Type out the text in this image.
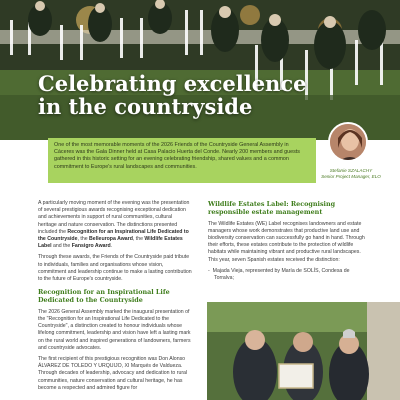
Celebrating excellence
in the countryside
One of the most memorable moments of the 2026 Friends of the Countryside General Assembly in Cáceres was the Gala Dinner held at Casa Palacio Huerta del Conde. Nearly 200 members and guests gathered in this historic setting for an evening celebrating friendship, shared values and a common commitment to Europe's rural landscapes and communities.
Stefanie SZALACHY
Senior Project Manager, ELO

A particularly moving moment of the evening was the presentation of several prestigious awards recognising exceptional dedication and achievements in support of rural communities, cultural heritage and nature conservation. The distinctions presented included the Recognition for an Inspirational Life Dedicated to the Countryside, the Belleuropa Award, the Wildlife Estates Label and the Fansigro Award.

Through these awards, the Friends of the Countryside paid tribute to individuals, families and organisations whose vision, commitment and leadership continue to make a lasting contribution to the future of Europe's countryside.

Recognition for an Inspirational Life Dedicated to the Countryside

The 2026 General Assembly marked the inaugural presentation of the "Recognition for an Inspirational Life Dedicated to the Countryside", a distinction created to honour individuals whose lifelong commitment, leadership and vision have left a lasting mark on the rural world and inspired generations of landowners, farmers and countryside advocates.

The first recipient of this prestigious recognition was Don Alonso ÁLVAREZ DE TOLEDO Y URQUIJO, XI Marqués de Valdueza. Through decades of leadership, advocacy and dedication to rural communities, nature conservation and cultural heritage, he has become a respected and admired figure for

Wildlife Estates Label: Recognising responsible estate management

The Wildlife Estates (WE) Label recognises landowners and estate managers whose work demonstrates that productive land use and biodiversity conservation can successfully go hand in hand. Through their efforts, these estates contribute to the protection of wildlife habitats while maintaining vibrant and productive rural landscapes. This year, seven Spanish estates received the distinction:

-  Majada Vieja, represented by María de SOLÍS, Condesa de Torralva;
